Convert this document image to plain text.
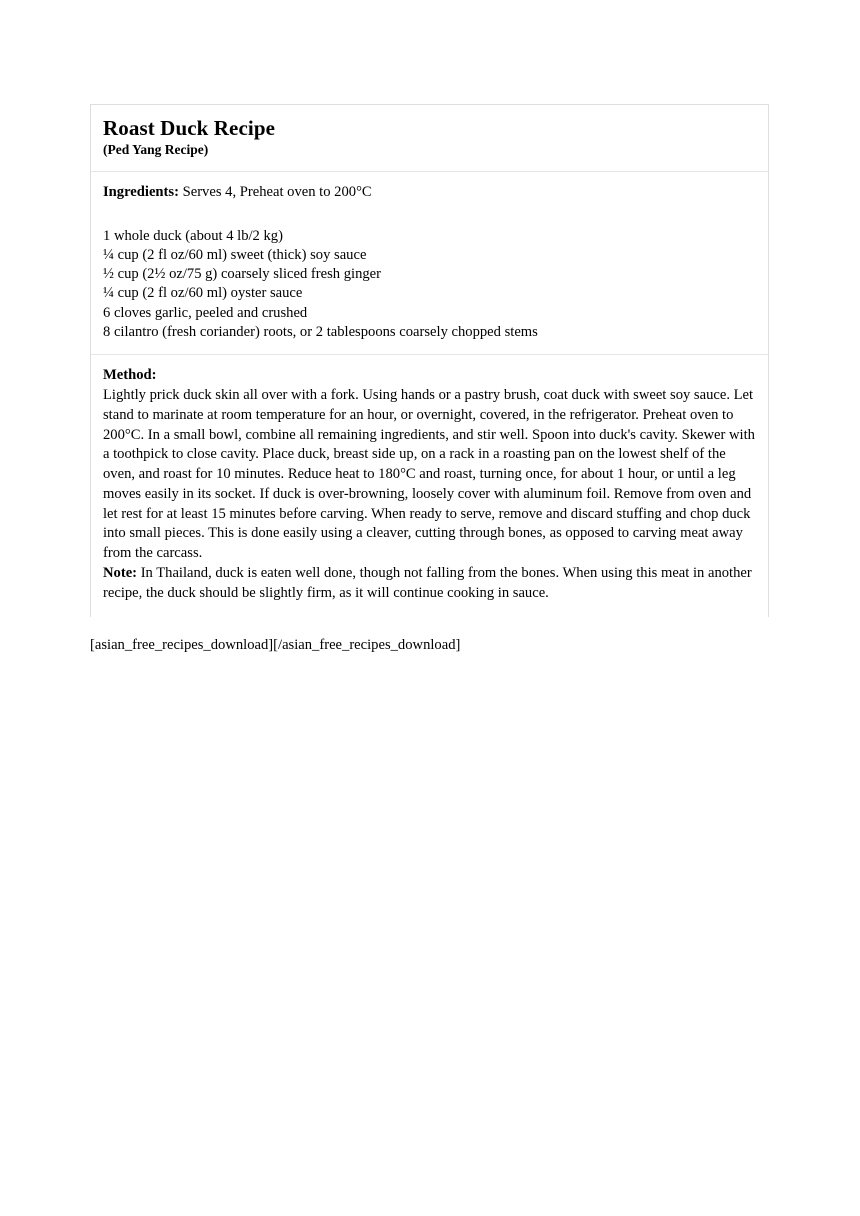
Roast Duck Recipe
(Ped Yang Recipe)

Ingredients: Serves 4, Preheat oven to 200°C

1 whole duck (about 4 lb/2 kg)
¼ cup (2 fl oz/60 ml) sweet (thick) soy sauce
½ cup (2½ oz/75 g) coarsely sliced fresh ginger
¼ cup (2 fl oz/60 ml) oyster sauce
6 cloves garlic, peeled and crushed
8 cilantro (fresh coriander) roots, or 2 tablespoons coarsely chopped stems
Method:

Lightly prick duck skin all over with a fork. Using hands or a pastry brush, coat duck with sweet soy sauce. Let stand to marinate at room temperature for an hour, or overnight, covered, in the refrigerator. Preheat oven to 200°C. In a small bowl, combine all remaining ingredients, and stir well. Spoon into duck's cavity. Skewer with a toothpick to close cavity. Place duck, breast side up, on a rack in a roasting pan on the lowest shelf of the oven, and roast for 10 minutes. Reduce heat to 180°C and roast, turning once, for about 1 hour, or until a leg moves easily in its socket. If duck is over-browning, loosely cover with aluminum foil. Remove from oven and let rest for at least 15 minutes before carving. When ready to serve, remove and discard stuffing and chop duck into small pieces. This is done easily using a cleaver, cutting through bones, as opposed to carving meat away from the carcass.

Note: In Thailand, duck is eaten well done, though not falling from the bones. When using this meat in another recipe, the duck should be slightly firm, as it will continue cooking in sauce.

[asian_free_recipes_download][/asian_free_recipes_download]
